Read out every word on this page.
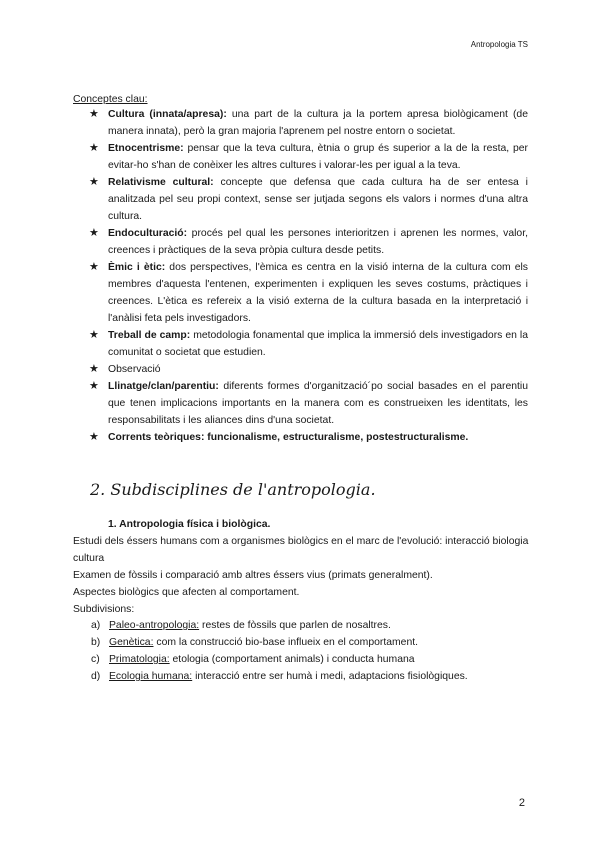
Antropologia TS
Conceptes clau:
★ Cultura (innata/apresa): una part de la cultura ja la portem apresa biològicament (de manera innata), però la gran majoria l'aprenem pel nostre entorn o societat.
★ Etnocentrisme: pensar que la teva cultura, ètnia o grup és superior a la de la resta, per evitar-ho s'han de conèixer les altres cultures i valorar-les per igual a la teva.
★ Relativisme cultural: concepte que defensa que cada cultura ha de ser entesa i analitzada pel seu propi context, sense ser jutjada segons els valors i normes d'una altra cultura.
★ Endoculturació: procés pel qual les persones interioritzen i aprenen les normes, valor, creences i pràctiques de la seva pròpia cultura desde petits.
★ Èmic i ètic: dos perspectives, l'èmica es centra en la visió interna de la cultura com els membres d'aquesta l'entenen, experimenten i expliquen les seves costums, pràctiques i creences. L'ètica es refereix a la visió externa de la cultura basada en la interpretació i l'anàlisi feta pels investigadors.
★ Treball de camp: metodologia fonamental que implica la immersió dels investigadors en la comunitat o societat que estudien.
★ Observació
★ Llinatge/clan/parentiu: diferents formes d'organització´po social basades en el parentiu que tenen implicacions importants en la manera com es construeixen les identitats, les responsabilitats i les aliances dins d'una societat.
★ Corrents teòriques: funcionalisme, estructuralisme, postestructuralisme.
2. Subdisciplines de l'antropologia.
1. Antropologia física i biològica.

Estudi dels éssers humans com a organismes biològics en el marc de l'evolució: interacció biologia cultura

Examen de fòssils i comparació amb altres éssers vius (primats generalment).

Aspectes biològics que afecten al comportament.

Subdivisions:

a) Paleo-antropologia: restes de fòssils que parlen de nosaltres.
b) Genètica: com la construcció bio-base influeix en el comportament.
c) Primatologia: etologia (comportament animals) i conducta humana
d) Ecologia humana: interacció entre ser humà i medi, adaptacions fisiològiques.
2
